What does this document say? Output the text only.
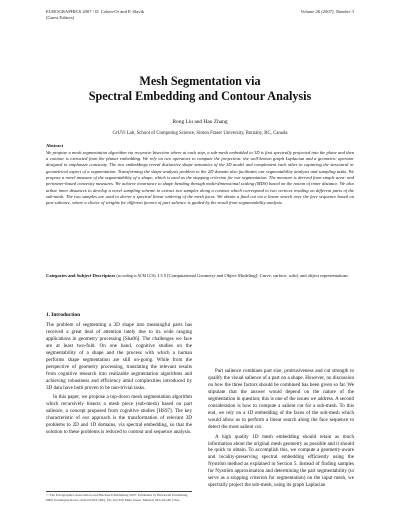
EUROGRAPHICS 2007 / D. Cohen-Or and P. Slavík
(Guest Editors)
Volume 26 (2007), Number 3
Mesh Segmentation via
Spectral Embedding and Contour Analysis
Rong Liu and Hao Zhang
GrUVi Lab, School of Computing Science, Simon Fraser University, Burnaby, BC, Canada
Abstract
We propose a mesh segmentation algorithm via recursive bisection where at each step, a sub-mesh embedded in 3D is first spectrally projected into the plane and then a contour is extracted from the planar embedding. We rely on two operators to compute the projection: the well-known graph Laplacian and a geometric operator designed to emphasize concavity. The two embeddings reveal distinctive shape semantics of the 3D model and complement each other in capturing the structural or geometrical aspect of a segmentation. Transforming the shape analysis problem to the 2D domain also facilitates our segmentability analysis and sampling tasks. We propose a novel measure of the segmentability of a shape, which is used as the stopping criterion for our segmentation. The measure is derived from simple area- and perimeter-based convexity measures. We achieve invariance to shape bending through multi-dimensional scaling (MDS) based on the notion of inner distance. We also utilize inner distances to develop a novel sampling scheme to extract two samples along a contour which correspond to two vertices residing on different parts of the sub-mesh. The two samples are used to derive a spectral linear ordering of the mesh faces. We obtain a final cut via a linear search over the face sequence based on part salience, where a choice of weights for different factors of part salience is guided by the result from segmentability analysis.
Categories and Subject Descriptors (according to ACM CCS): I.3.5 [Computational Geometry and Object Modeling]: Curve, surface, solid, and object representations
1. Introduction
The problem of segmenting a 3D shape into meaningful parts has received a great deal of attention lately due to its wide ranging applications in geometry processing [Sha06]. The challenges we face are at least two-fold. On one hand, cognitive studies on the segmentability of a shape and the process with which a human performs shape segmentation are still on-going. While from the perspective of geometry processing, translating the relevant results from cognitive research into realizable segmentation algorithms and achieving robustness and efficiency amid complexities introduced by 3D data have both proven to be non-trivial tasks.
In this paper, we propose a top-down mesh segmentation algorithm which recursively bisects a mesh piece (sub-mesh) based on part salience, a concept proposed from cognitive studies [HS97]. The key characteristic of our approach is the transformation of relevant 3D problems to 2D and 1D domains, via spectral embedding, so that the solution to these problems is reduced to contour and sequence analysis.
© The Eurographics Association and Blackwell Publishing 2007. Published by Blackwell Publishing, 9600 Garsington Road, Oxford OX4 2DQ, UK and 350 Main Street, Malden, MA 02148, USA.
Part salience combines part size, protrusiveness and cut strength to qualify the visual salience of a part on a shape. However, no discussion on how the three factors should be combined has been given so far. We stipulate that the answer would depend on the nature of the segmentation in question; this is one of the issues we address. A second consideration is how to compute a salient cut for a sub-mesh. To this end, we rely on a 1D embedding of the faces of the sub-mesh which would allow us to perform a linear search along the face sequence to detect the most salient cut.
A high quality 1D mesh embedding should retain as much information about the original mesh geometry as possible and it should be quick to obtain. To accomplish this, we compute a geometry-aware and locality-preserving spectral embedding efficiently using the Nyström method as explained in Section 5. Instead of finding samples for Nyström approximation and determining the part segmentability (to serve as a stopping criterion for segmentation) on the input mesh, we spectrally project the sub-mesh, using its graph Laplacian
